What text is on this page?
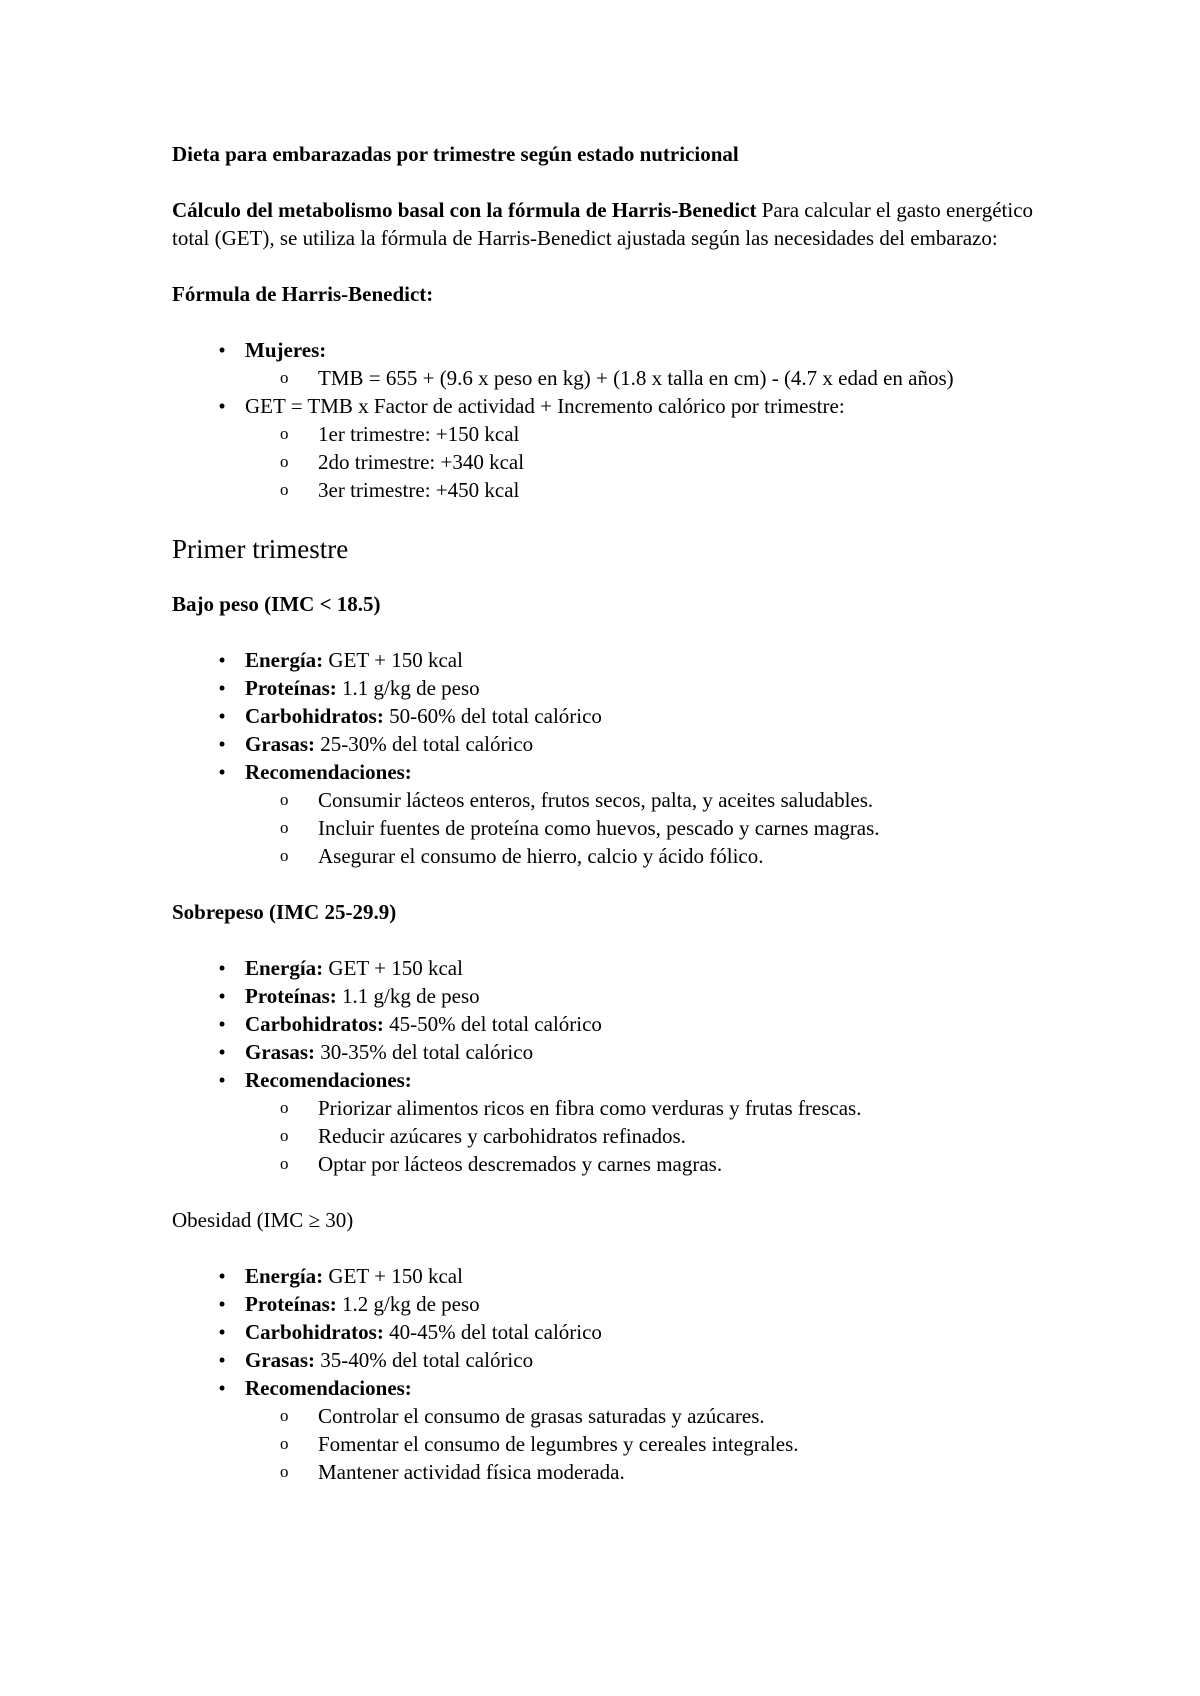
Dieta para embarazadas por trimestre según estado nutricional

Cálculo del metabolismo basal con la fórmula de Harris-Benedict Para calcular el gasto energético total (GET), se utiliza la fórmula de Harris-Benedict ajustada según las necesidades del embarazo:

Fórmula de Harris-Benedict:

• Mujeres:
o	TMB = 655 + (9.6 x peso en kg) + (1.8 x talla en cm) - (4.7 x edad en años)
• GET = TMB x Factor de actividad + Incremento calórico por trimestre:
o	1er trimestre: +150 kcal
o	2do trimestre: +340 kcal
o	3er trimestre: +450 kcal
Primer trimestre

Bajo peso (IMC < 18.5)

• Energía: GET + 150 kcal
• Proteínas: 1.1 g/kg de peso
• Carbohidratos: 50-60% del total calórico
• Grasas: 25-30% del total calórico
• Recomendaciones:
o	Consumir lácteos enteros, frutos secos, palta, y aceites saludables.
o	Incluir fuentes de proteína como huevos, pescado y carnes magras.
o	Asegurar el consumo de hierro, calcio y ácido fólico.

Sobrepeso (IMC 25-29.9)

• Energía: GET + 150 kcal
• Proteínas: 1.1 g/kg de peso
• Carbohidratos: 45-50% del total calórico
• Grasas: 30-35% del total calórico
• Recomendaciones:
o	Priorizar alimentos ricos en fibra como verduras y frutas frescas.
o	Reducir azúcares y carbohidratos refinados.
o	Optar por lácteos descremados y carnes magras.

Obesidad (IMC ≥ 30)

• Energía: GET + 150 kcal
• Proteínas: 1.2 g/kg de peso
• Carbohidratos: 40-45% del total calórico
• Grasas: 35-40% del total calórico
• Recomendaciones:
o	Controlar el consumo de grasas saturadas y azúcares.
o	Fomentar el consumo de legumbres y cereales integrales.
o	Mantener actividad física moderada.
